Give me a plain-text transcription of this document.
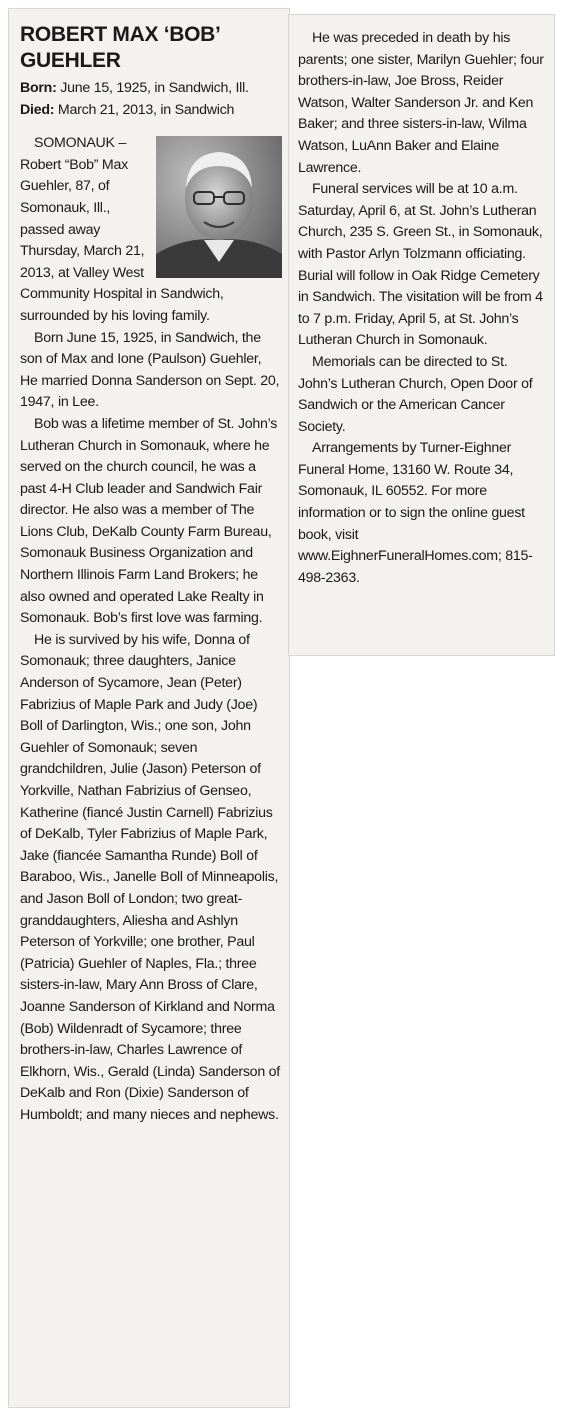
ROBERT MAX ‘BOB’ GUEHLER

Born: June 15, 1925, in Sandwich, Ill.

Died: March 21, 2013, in Sandwich

SOMONAUK – Robert “Bob” Max Guehler, 87, of Somonauk, Ill., passed away Thursday, March 21, 2013, at Valley West Community Hospital in Sandwich, surrounded by his loving family.

Born June 15, 1925, in Sandwich, the son of Max and Ione (Paulson) Guehler, He married Donna Sanderson on Sept. 20, 1947, in Lee.

Bob was a lifetime member of St. John’s Lutheran Church in Somonauk, where he served on the church council, he was a past 4-H Club leader and Sandwich Fair director. He also was a member of The Lions Club, DeKalb County Farm Bureau, Somonauk Business Organization and Northern Illinois Farm Land Brokers; he also owned and operated Lake Realty in Somonauk. Bob’s first love was farming.

He is survived by his wife, Donna of Somonauk; three daughters, Janice Anderson of Sycamore, Jean (Peter) Fabrizius of Maple Park and Judy (Joe) Boll of Darlington, Wis.; one son, John Guehler of Somonauk; seven grandchildren, Julie (Jason) Peterson of Yorkville, Nathan Fabrizius of Genseo, Katherine (fiancé Justin Carnell) Fabrizius of DeKalb, Tyler Fabrizius of Maple Park, Jake (fiancée Samantha Runde) Boll of Baraboo, Wis., Janelle Boll of Minneapolis, and Jason Boll of London; two great-granddaughters, Aliesha and Ashlyn Peterson of Yorkville; one brother, Paul (Patricia) Guehler of Naples, Fla.; three sisters-in-law, Mary Ann Bross of Clare, Joanne Sanderson of Kirkland and Norma (Bob) Wildenradt of Sycamore; three brothers-in-law, Charles Lawrence of Elkhorn, Wis., Gerald (Linda) Sanderson of DeKalb and Ron (Dixie) Sanderson of Humboldt; and many nieces and nephews.

He was preceded in death by his parents; one sister, Marilyn Guehler; four brothers-in-law, Joe Bross, Reider Watson, Walter Sanderson Jr. and Ken Baker; and three sisters-in-law, Wilma Watson, LuAnn Baker and Elaine Lawrence.

Funeral services will be at 10 a.m. Saturday, April 6, at St. John’s Lutheran Church, 235 S. Green St., in Somonauk, with Pastor Arlyn Tolzmann officiating. Burial will follow in Oak Ridge Cemetery in Sandwich. The visitation will be from 4 to 7 p.m. Friday, April 5, at St. John’s Lutheran Church in Somonauk.

Memorials can be directed to St. John’s Lutheran Church, Open Door of Sandwich or the American Cancer Society.

Arrangements by Turner-Eighner Funeral Home, 13160 W. Route 34, Somonauk, IL 60552. For more information or to sign the online guest book, visit www.EighnerFuneralHomes.com; 815-498-2363.
